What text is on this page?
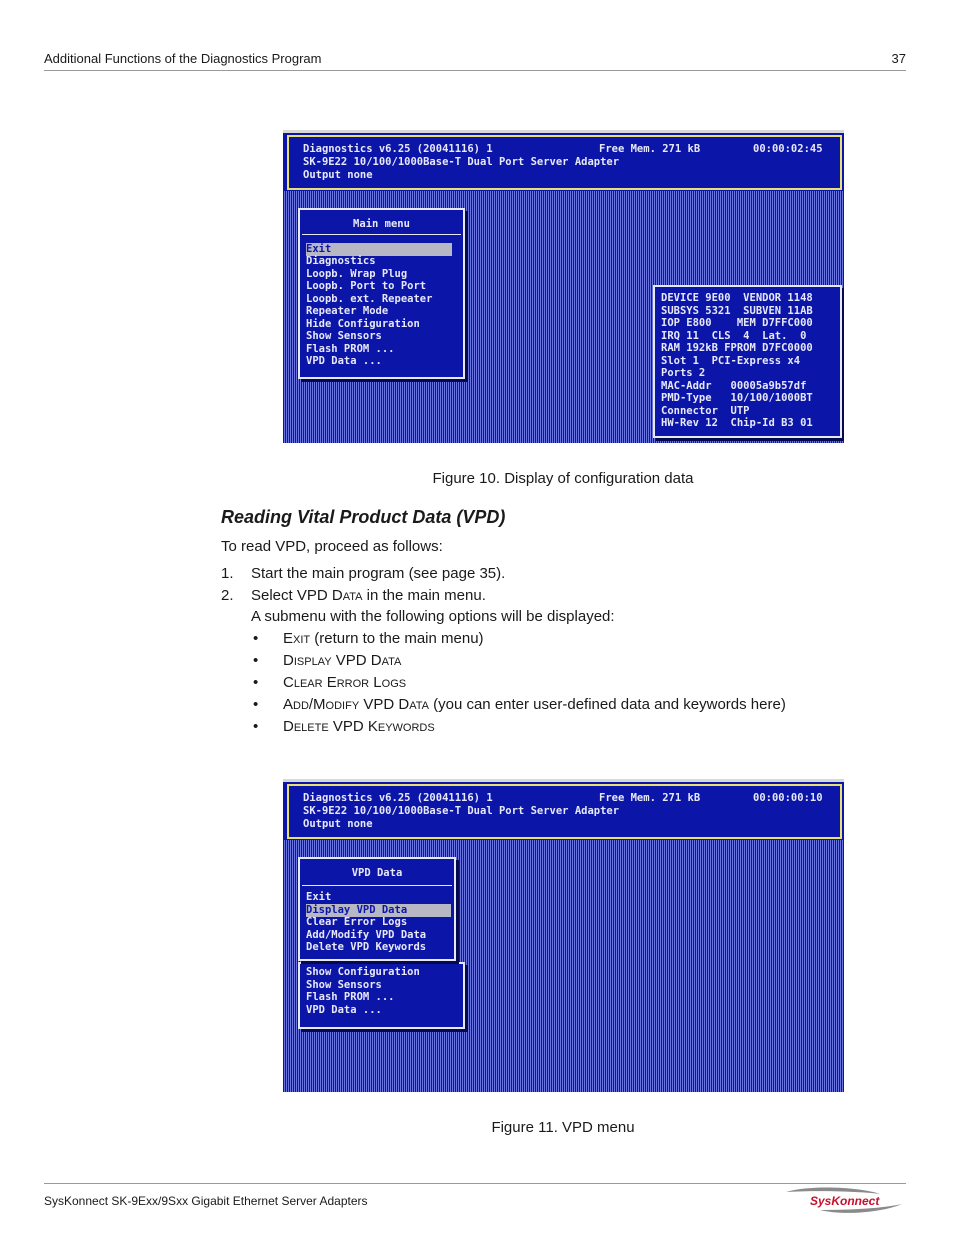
Additional Functions of the Diagnostics Program	37
Diagnostics v6.25 (20041116) 1	Free Mem. 271 kB	00:00:02:45
SK-9E22 10/100/1000Base-T Dual Port Server Adapter
Output none
Main menu
Exit
Diagnostics
Loopb. Wrap Plug
Loopb. Port to Port
Loopb. ext. Repeater
Repeater Mode
Hide Configuration
Show Sensors
Flash PROM ...
VPD Data ...
DEVICE 9E00  VENDOR 1148
SUBSYS 5321  SUBVEN 11AB
IOP E800    MEM D7FFC000
IRQ 11  CLS  4  Lat.  0
RAM 192kB FPROM D7FC0000
Slot 1  PCI-Express x4
Ports 2
MAC-Addr   00005a9b57df
PMD-Type   10/100/1000BT
Connector  UTP
HW-Rev 12  Chip-Id B3 01
Figure 10. Display of configuration data
Reading Vital Product Data (VPD)
To read VPD, proceed as follows:
1. Start the main program (see page 35).
2. Select VPD Data in the main menu.
A submenu with the following options will be displayed:
• Exit (return to the main menu)
• Display VPD Data
• Clear Error Logs
• Add/Modify VPD Data (you can enter user-defined data and keywords here)
• Delete VPD Keywords
Diagnostics v6.25 (20041116) 1	Free Mem. 271 kB	00:00:00:10
SK-9E22 10/100/1000Base-T Dual Port Server Adapter
Output none
Show Configuration
Show Sensors
Flash PROM ...
VPD Data ...
VPD Data
Exit
Display VPD Data
Clear Error Logs
Add/Modify VPD Data
Delete VPD Keywords
Figure 11. VPD menu
SysKonnect SK-9Exx/9Sxx Gigabit Ethernet Server Adapters	SysKonnect
